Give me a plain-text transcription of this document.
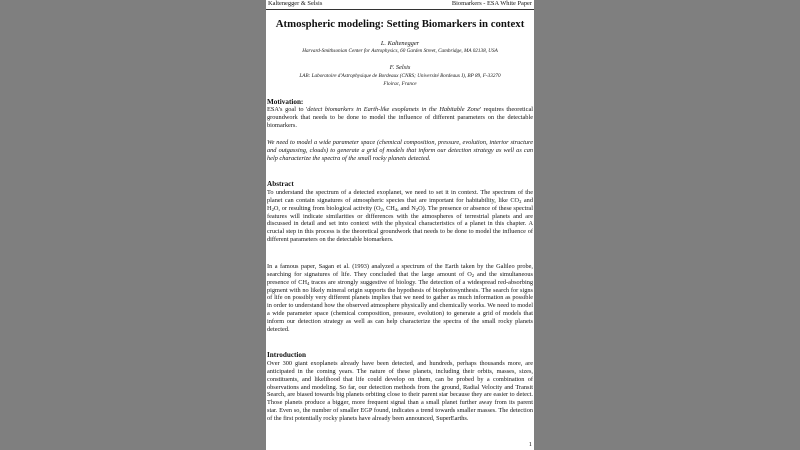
Kaltenegger & Selsis	Biomarkers - ESA White Paper
Atmospheric modeling: Setting Biomarkers in context
L. Kaltenegger
Harvard-Smithsonian Center for Astrophysics, 60 Garden Street, Cambridge, MA 02138, USA
F. Selsis
LAB: Laboratoire d'Astrophysique de Bordeaux (CNRS; Université Bordeaux I), BP 89, F-33270
Floirac, France
Motivation:
ESA's goal to 'detect biomarkers in Earth-like exoplanets in the Habitable Zone' requires theoretical groundwork that needs to be done to model the influence of different parameters on the detectable biomarkers.
We need to model a wide parameter space (chemical composition, pressure, evolution, interior structure and outgassing, clouds) to generate a grid of models that inform our detection strategy as well as can help characterize the spectra of the small rocky planets detected.
Abstract
To understand the spectrum of a detected exoplanet, we need to set it in context. The spectrum of the planet can contain signatures of atmospheric species that are important for habitability, like $CO_2$ and $H_2O$, or resulting from biological activity ($O_2$, $CH_4$, and $N_2O$). The presence or absence of these spectral features will indicate similarities or differences with the atmospheres of terrestrial planets and are discussed in detail and set into context with the physical characteristics of a planet in this chapter. A crucial step in this process is the theoretical groundwork that needs to be done to model the influence of different parameters on the detectable biomarkers.
In a famous paper, Sagan et al. (1993) analyzed a spectrum of the Earth taken by the Galileo probe, searching for signatures of life. They concluded that the large amount of $O_2$ and the simultaneous presence of $CH_4$ traces are strongly suggestive of biology. The detection of a widespread red-absorbing pigment with no likely mineral origin supports the hypothesis of biophotosynthesis. The search for signs of life on possibly very different planets implies that we need to gather as much information as possible in order to understand how the observed atmosphere physically and chemically works. We need to model a wide parameter space (chemical composition, pressure, evolution) to generate a grid of models that inform our detection strategy as well as can help characterize the spectra of the small rocky planets detected.
Introduction
Over 300 giant exoplanets already have been detected, and hundreds, perhaps thousands more, are anticipated in the coming years. The nature of these planets, including their orbits, masses, sizes, constituents, and likelihood that life could develop on them, can be probed by a combination of observations and modeling. So far, our detection methods from the ground, Radial Velocity and Transit Search, are biased towards big planets orbiting close to their parent star because they are easier to detect. Those planets produce a bigger, more frequent signal than a small planet further away from its parent star. Even so, the number of smaller EGP found, indicates a trend towards smaller masses. The detection of the first potentially rocky planets have already been announced, SuperEarths.
1
